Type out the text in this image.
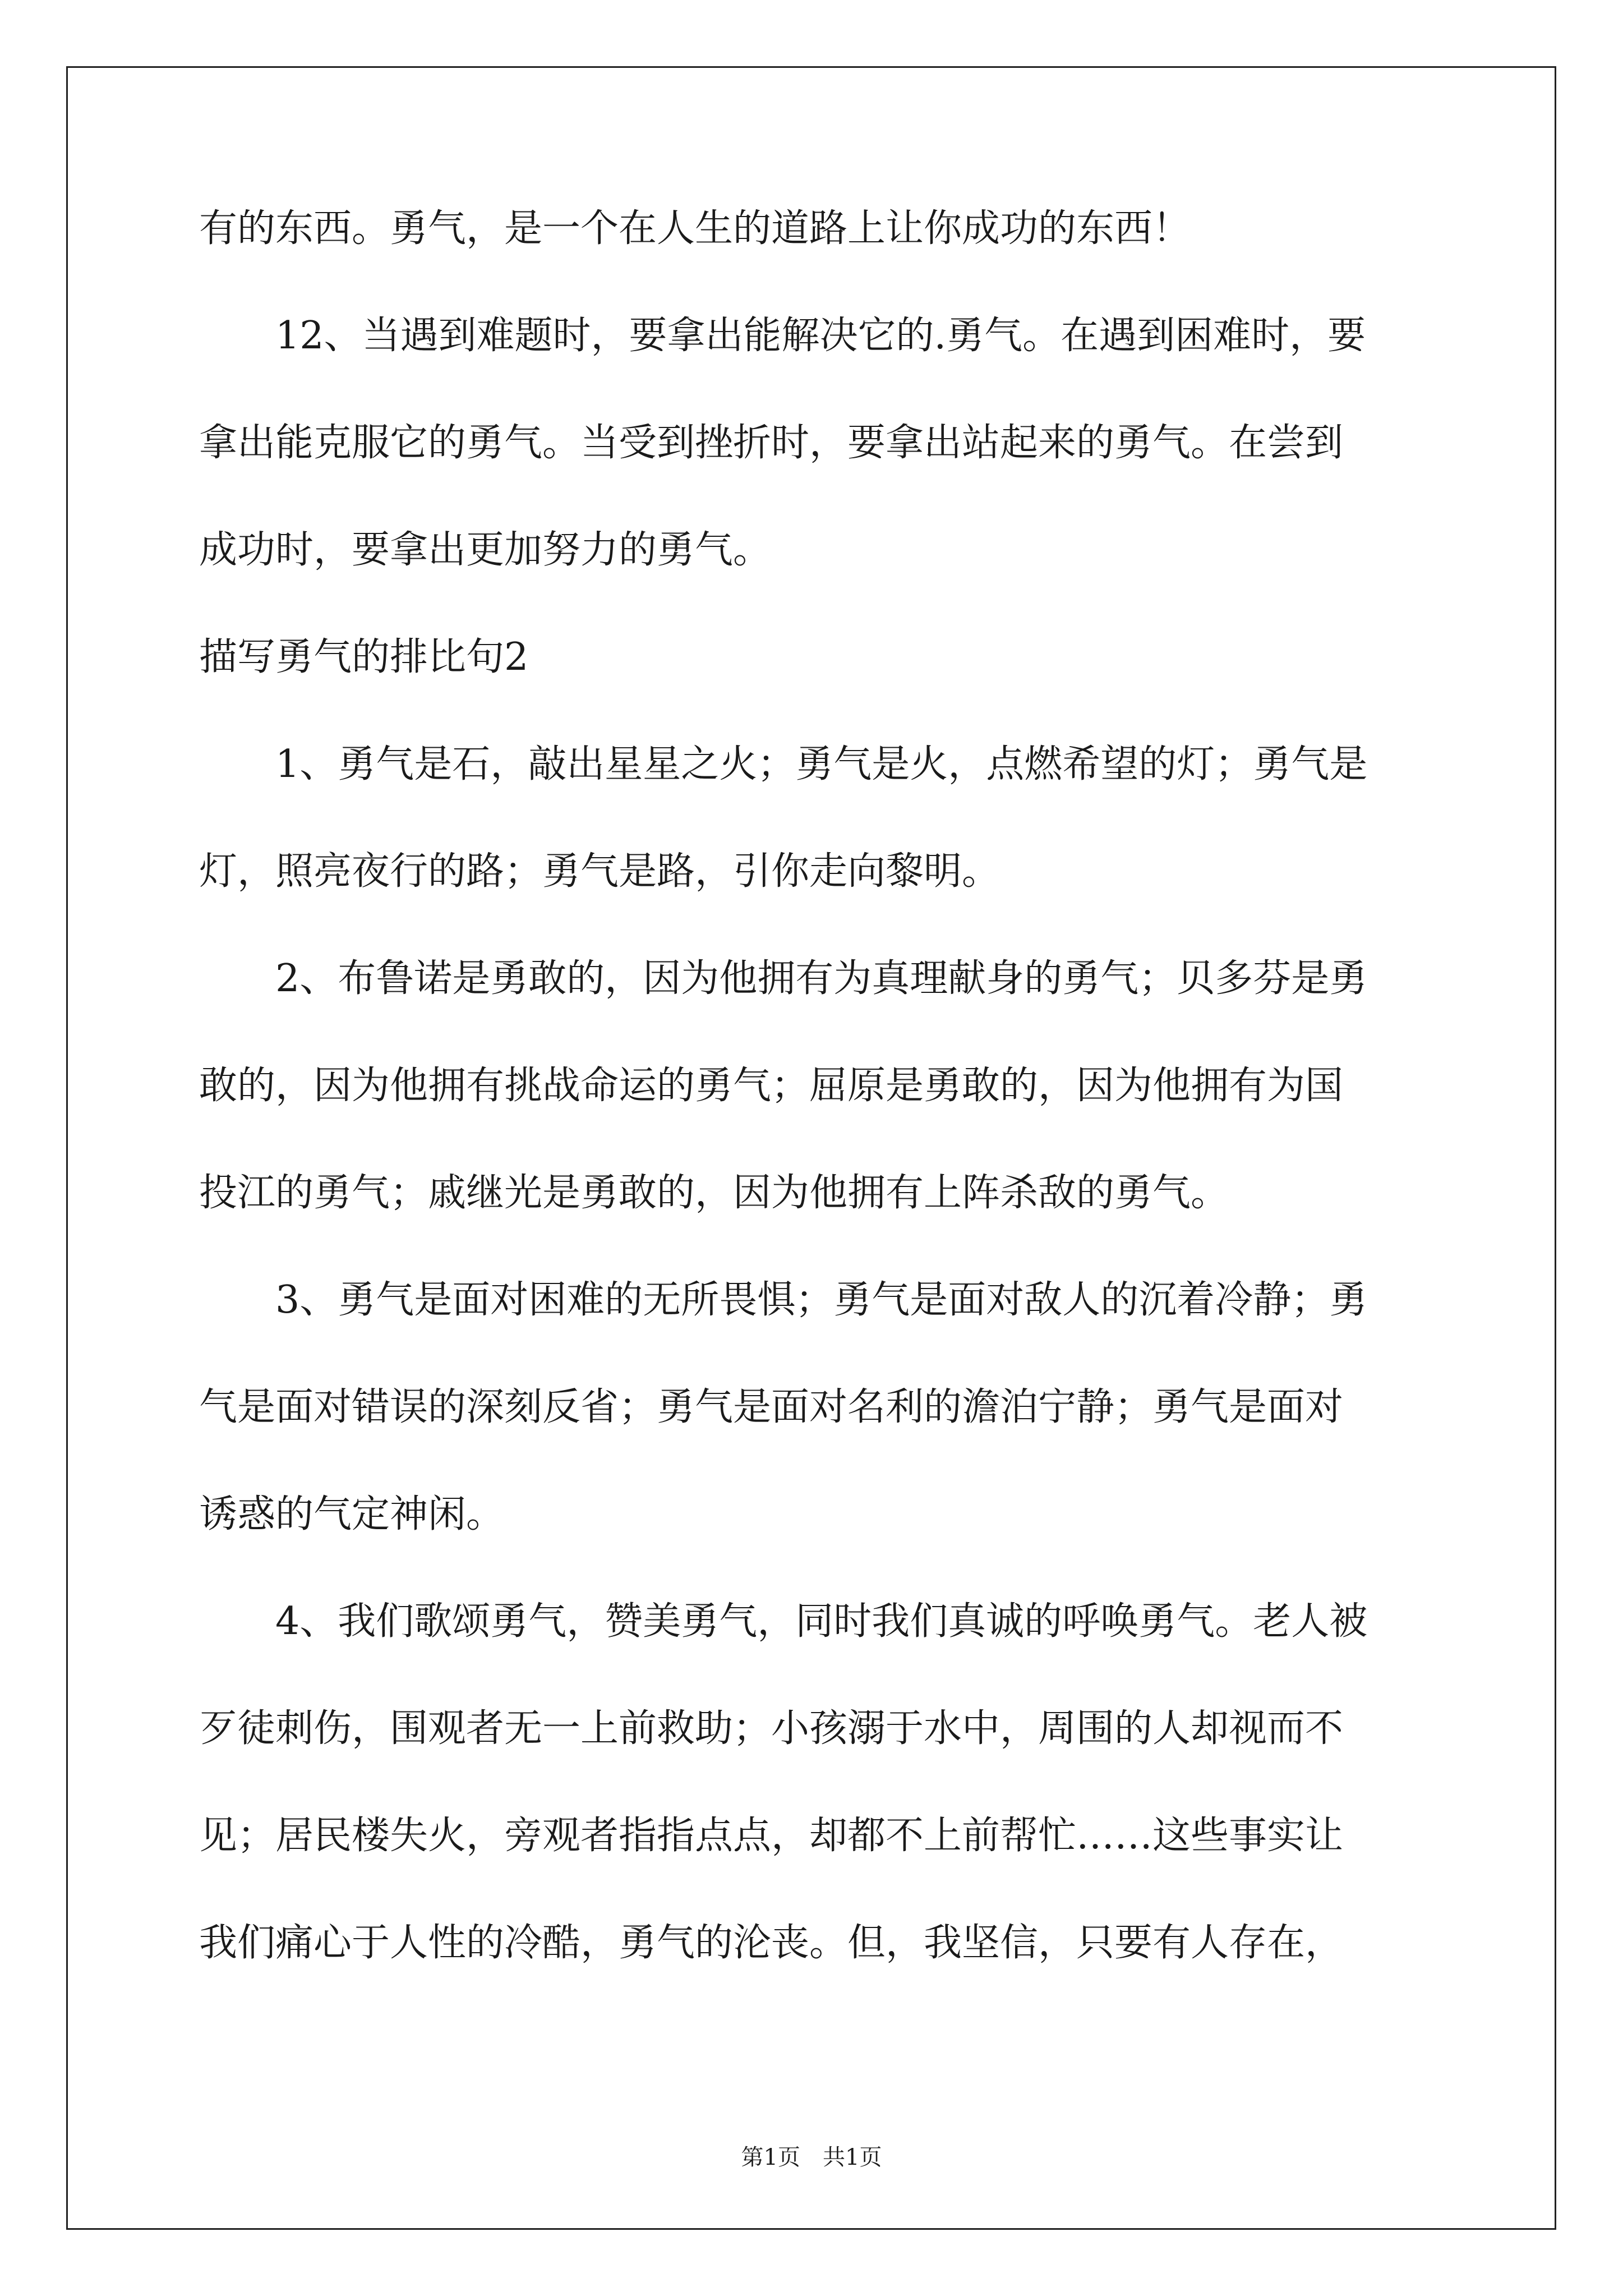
有的东西。勇气，是一个在人生的道路上让你成功的东西！
　　12、当遇到难题时，要拿出能解决它的.勇气。在遇到困难时，要
拿出能克服它的勇气。当受到挫折时，要拿出站起来的勇气。在尝到
成功时，要拿出更加努力的勇气。
描写勇气的排比句2
　　1、勇气是石，敲出星星之火；勇气是火，点燃希望的灯；勇气是
灯，照亮夜行的路；勇气是路，引你走向黎明。
　　2、布鲁诺是勇敢的，因为他拥有为真理献身的勇气；贝多芬是勇
敢的，因为他拥有挑战命运的勇气；屈原是勇敢的，因为他拥有为国
投江的勇气；戚继光是勇敢的，因为他拥有上阵杀敌的勇气。
　　3、勇气是面对困难的无所畏惧；勇气是面对敌人的沉着冷静；勇
气是面对错误的深刻反省；勇气是面对名利的澹泊宁静；勇气是面对
诱惑的气定神闲。
　　4、我们歌颂勇气，赞美勇气，同时我们真诚的呼唤勇气。老人被
歹徒刺伤，围观者无一上前救助；小孩溺于水中，周围的人却视而不
见；居民楼失火，旁观者指指点点，却都不上前帮忙……这些事实让
我们痛心于人性的冷酷，勇气的沦丧。但，我坚信，只要有人存在，
第1页 共1页
